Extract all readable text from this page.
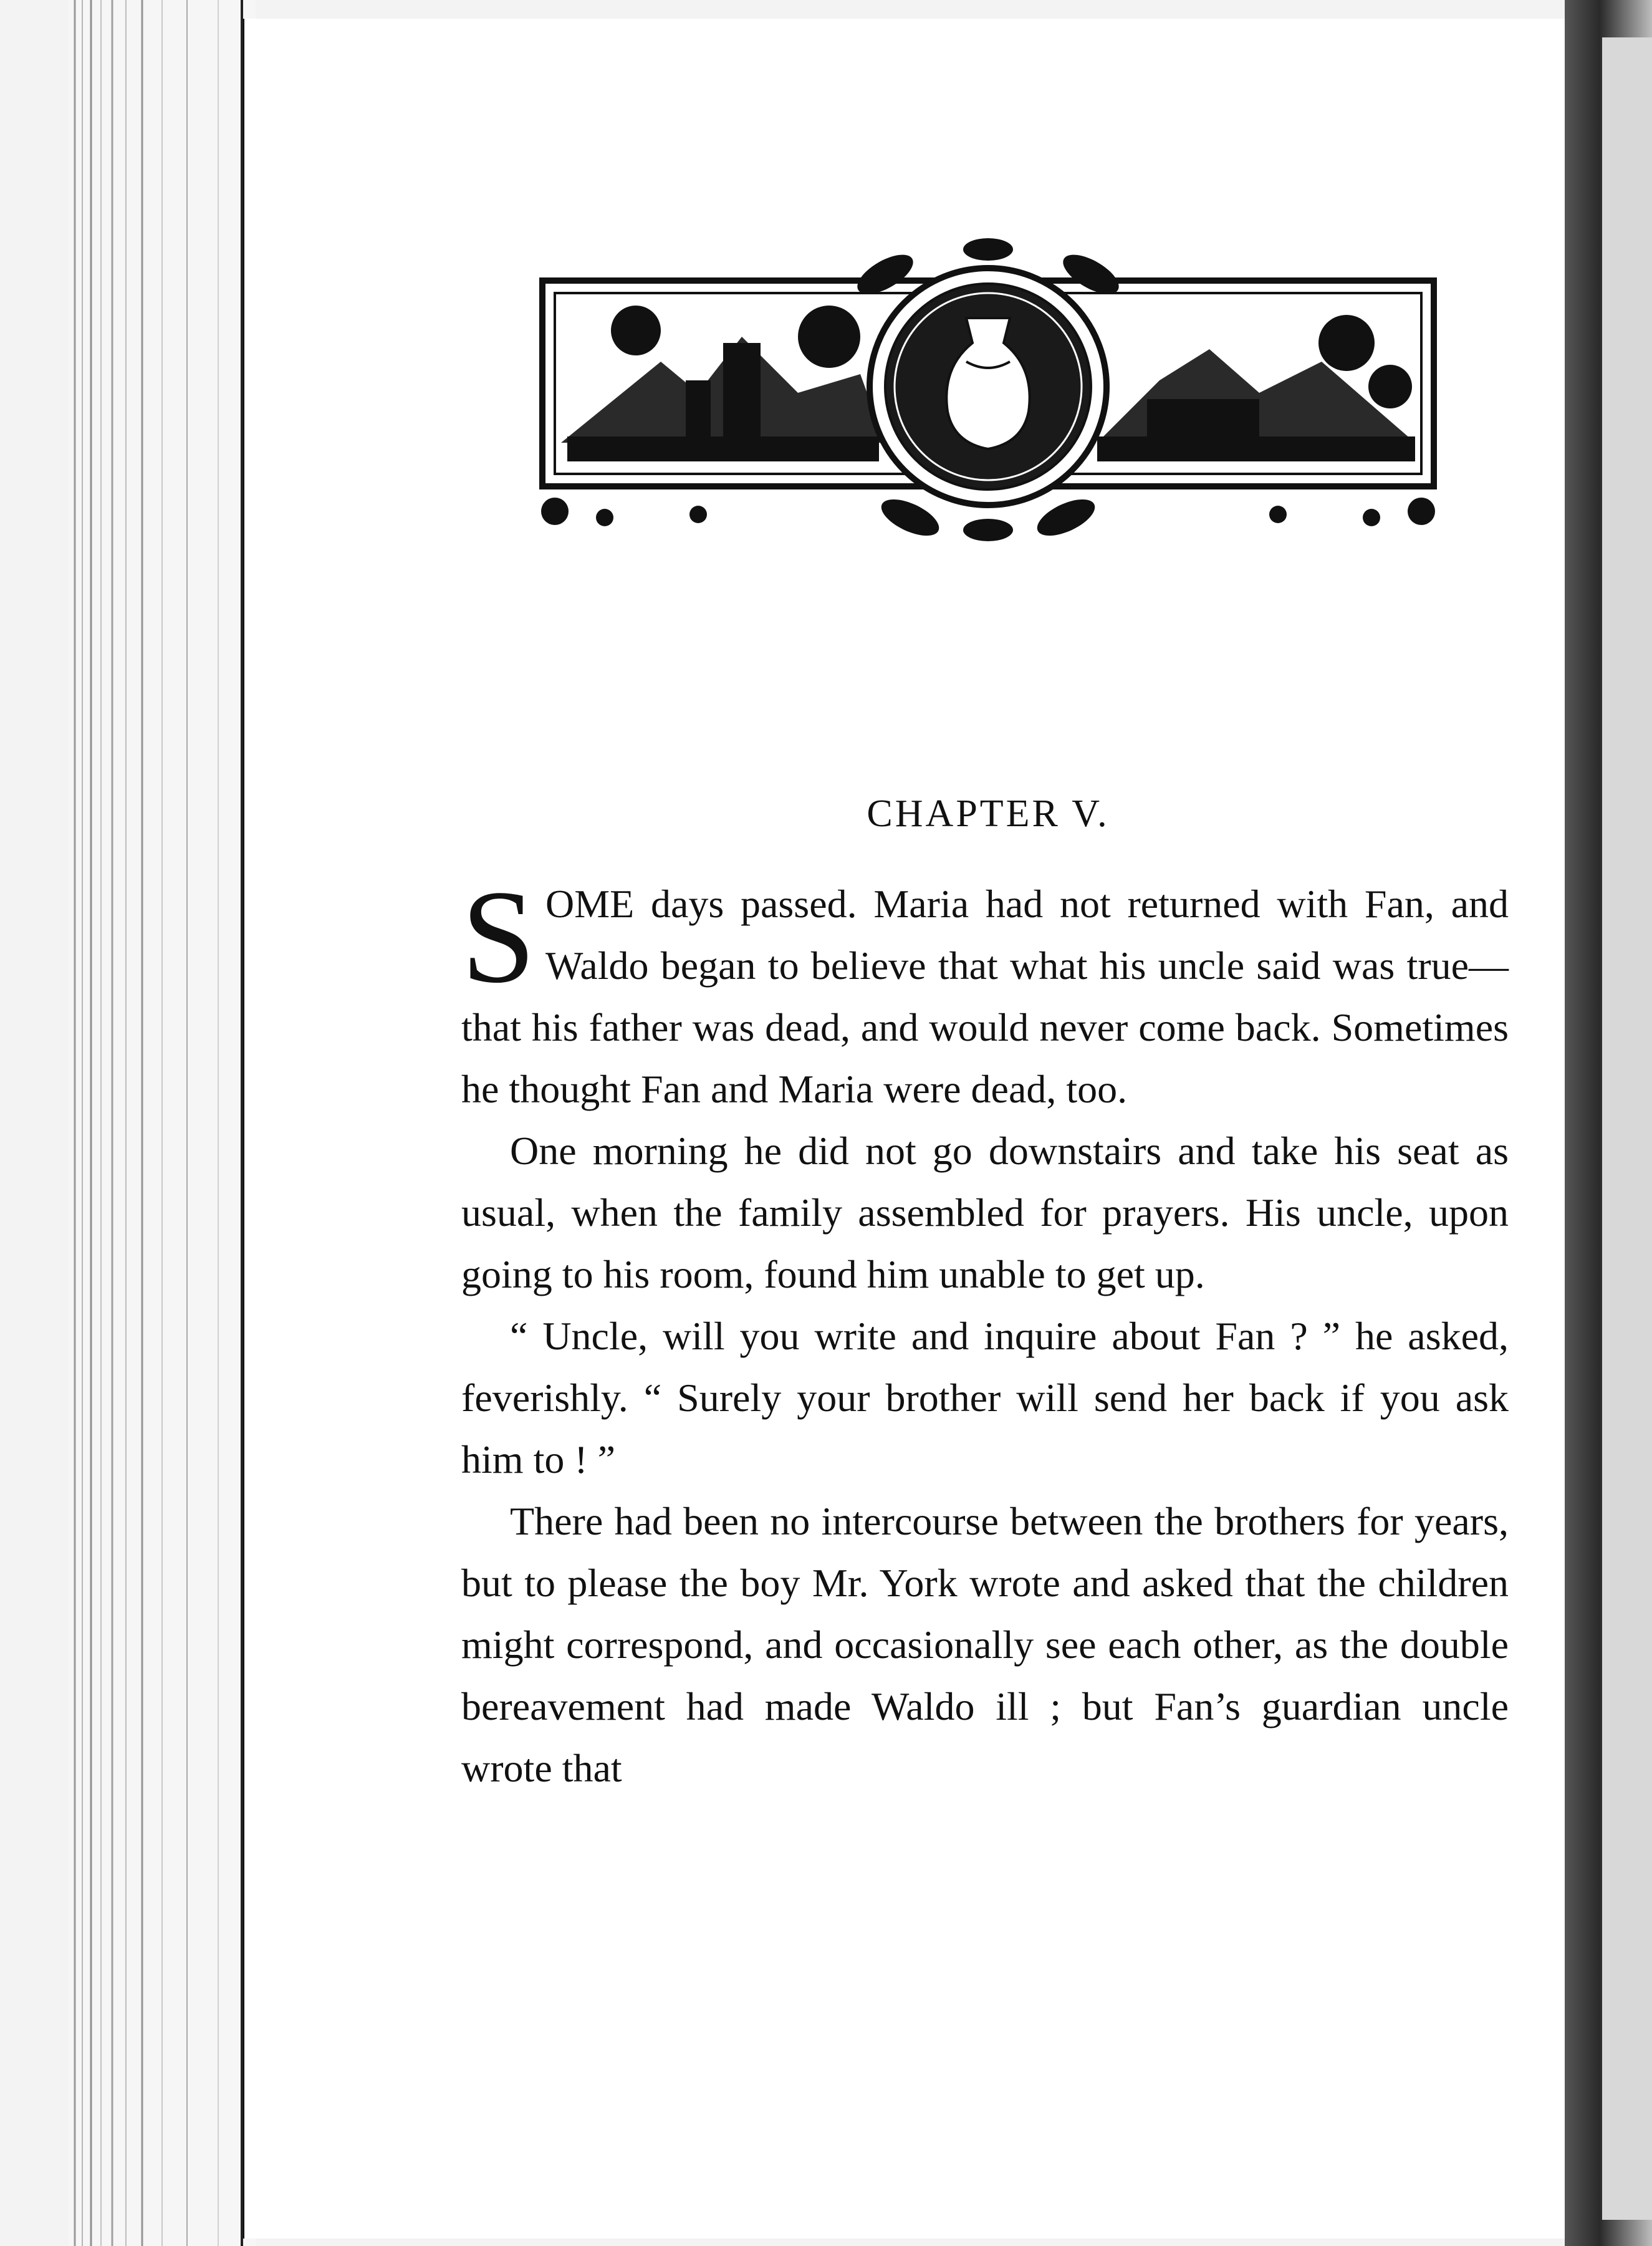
CHAPTER V.

SOME days passed. Maria had not returned with Fan, and Waldo began to believe that what his uncle said was true—that his father was dead, and would never come back. Sometimes he thought Fan and Maria were dead, too.

One morning he did not go downstairs and take his seat as usual, when the family assembled for prayers. His uncle, upon going to his room, found him unable to get up.

“ Uncle, will you write and inquire about Fan ? ” he asked, feverishly. “ Surely your brother will send her back if you ask him to ! ”

There had been no intercourse between the brothers for years, but to please the boy Mr. York wrote and asked that the children might correspond, and occasionally see each other, as the double bereavement had made Waldo ill ; but Fan’s guardian uncle wrote that
